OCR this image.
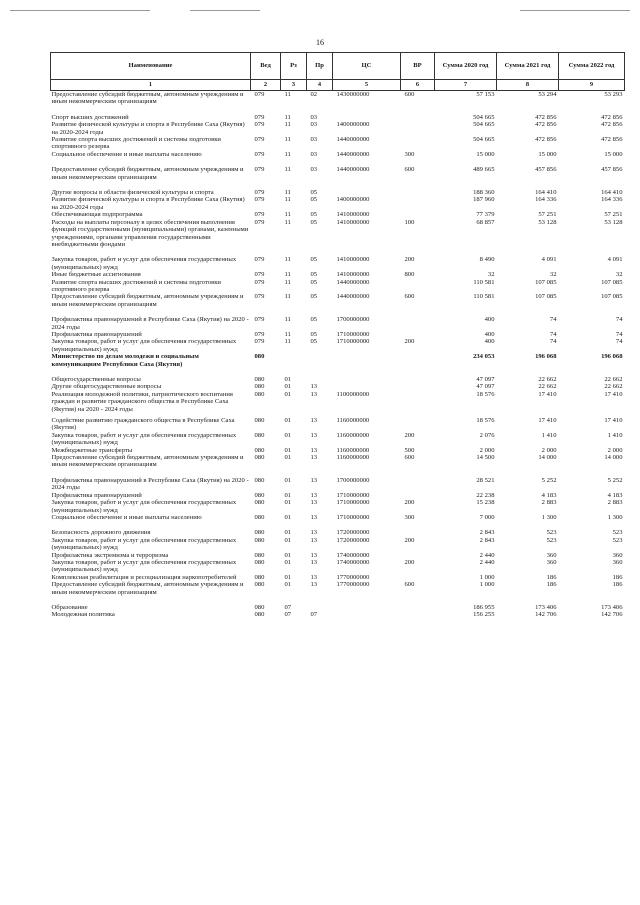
16
Наименование	Вед	Рз	Пр	ЦС	ВР	Сумма 2020 год	Сумма 2021 год	Сумма 2022 год
1	2	3	4	5	6	7	8	9
Предоставление субсидий бюджетным, автономным учреждениям и иным некоммерческим организациям	079	11	02	1430000000	600	57 153	53 294	53 293
Спорт высших достижений	079	11	03			504 665	472 856	472 856
Развитие физической культуры и спорта в Республике Саха (Якутия) на 2020-2024 годы	079	11	03	1400000000		504 665	472 856	472 856
Развитие спорта высших достижений и системы подготовки спортивного резерва	079	11	03	1440000000		504 665	472 856	472 856
Социальное обеспечение и иные выплаты населению	079	11	03	1440000000	300	15 000	15 000	15 000
Предоставление субсидий бюджетным, автономным учреждениям и иным некоммерческим организациям	079	11	03	1440000000	600	489 665	457 856	457 856
Другие вопросы в области физической культуры и спорта	079	11	05			188 360	164 410	164 410
Развитие физической культуры и спорта в Республике Саха (Якутия) на 2020-2024 годы	079	11	05	1400000000		187 960	164 336	164 336
Обеспечивающая подпрограмма	079	11	05	1410000000		77 379	57 251	57 251
Расходы на выплаты персоналу в целях обеспечения выполнения функций государственными (муниципальными) органами, казенными учреждениями, органами управления государственными внебюджетными фондами	079	11	05	1410000000	100	68 857	53 128	53 128
Закупка товаров, работ и услуг для обеспечения государственных (муниципальных) нужд	079	11	05	1410000000	200	8 490	4 091	4 091
Иные бюджетные ассигнования	079	11	05	1410000000	800	32	32	32
Развитие спорта высших достижений и системы подготовки спортивного резерва	079	11	05	1440000000		110 581	107 085	107 085
Предоставление субсидий бюджетным, автономным учреждениям и иным некоммерческим организациям	079	11	05	1440000000	600	110 581	107 085	107 085
Профилактика правонарушений в Республике Саха (Якутия) на 2020 - 2024 годы	079	11	05	1700000000		400	74	74
Профилактика правонарушений	079	11	05	1710000000		400	74	74
Закупка товаров, работ и услуг для обеспечения государственных (муниципальных) нужд	079	11	05	1710000000	200	400	74	74
Министерство по делам молодежи и социальным коммуникациям Республики Саха (Якутия)	080					234 053	196 068	196 068
Общегосударственные вопросы	080	01				47 097	22 662	22 662
Другие общегосударственные вопросы	080	01	13			47 097	22 662	22 662
Реализация молодежной политики, патриотического воспитания граждан и развитие гражданского общества в Республике Саха (Якутия) на 2020 - 2024 годы	080	01	13	1100000000		18 576	17 410	17 410
Содействие развитию гражданского общества в Республике Саха (Якутия)	080	01	13	1160000000		18 576	17 410	17 410
Закупка товаров, работ и услуг для обеспечения государственных (муниципальных) нужд	080	01	13	1160000000	200	2 076	1 410	1 410
Межбюджетные трансферты	080	01	13	1160000000	500	2 000	2 000	2 000
Предоставление субсидий бюджетным, автономным учреждениям и иным некоммерческим организациям	080	01	13	1160000000	600	14 500	14 000	14 000
Профилактика правонарушений в Республике Саха (Якутия) на 2020 - 2024 годы	080	01	13	1700000000		28 521	5 252	5 252
Профилактика правонарушений	080	01	13	1710000000		22 238	4 183	4 183
Закупка товаров, работ и услуг для обеспечения государственных (муниципальных) нужд	080	01	13	1710000000	200	15 238	2 883	2 883
Социальное обеспечение и иные выплаты населению	080	01	13	1710000000	300	7 000	1 300	1 300
Безопасность дорожного движения	080	01	13	1720000000		2 843	523	523
Закупка товаров, работ и услуг для обеспечения государственных (муниципальных) нужд	080	01	13	1720000000	200	2 843	523	523
Профилактика экстремизма и терроризма	080	01	13	1740000000		2 440	360	360
Закупка товаров, работ и услуг для обеспечения государственных (муниципальных) нужд	080	01	13	1740000000	200	2 440	360	360
Комплексная реабилитация и ресоциализация наркопотребителей	080	01	13	1770000000		1 000	186	186
Предоставление субсидий бюджетным, автономным учреждениям и иным некоммерческим организациям	080	01	13	1770000000	600	1 000	186	186
Образование	080	07				186 955	173 406	173 406
Молодежная политика	080	07	07			156 255	142 706	142 706
